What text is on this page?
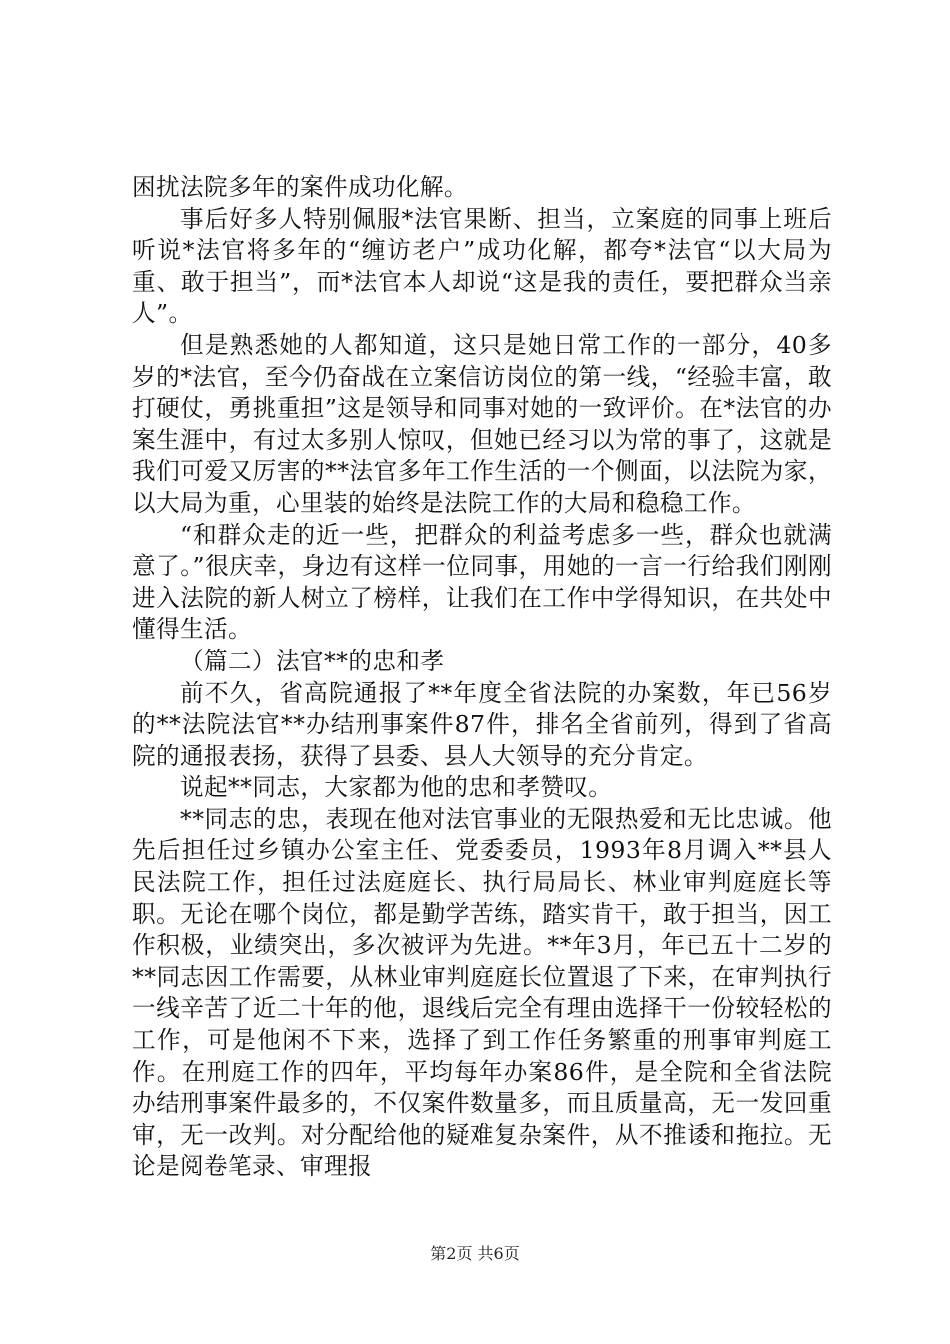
困扰法院多年的案件成功化解。

事后好多人特别佩服*法官果断、担当，立案庭的同事上班后听说*法官将多年的“缠访老户”成功化解，都夸*法官“以大局为重、敢于担当”，而*法官本人却说“这是我的责任，要把群众当亲人”。

但是熟悉她的人都知道，这只是她日常工作的一部分，40多岁的*法官，至今仍奋战在立案信访岗位的第一线，“经验丰富，敢打硬仗，勇挑重担”这是领导和同事对她的一致评价。在*法官的办案生涯中，有过太多别人惊叹，但她已经习以为常的事了，这就是我们可爱又厉害的**法官多年工作生活的一个侧面，以法院为家，以大局为重，心里装的始终是法院工作的大局和稳稳工作。

“和群众走的近一些，把群众的利益考虑多一些，群众也就满意了。”很庆幸，身边有这样一位同事，用她的一言一行给我们刚刚进入法院的新人树立了榜样，让我们在工作中学得知识，在共处中懂得生活。

（篇二）法官**的忠和孝

前不久，省高院通报了**年度全省法院的办案数，年已56岁的**法院法官**办结刑事案件87件，排名全省前列，得到了省高院的通报表扬，获得了县委、县人大领导的充分肯定。

说起**同志，大家都为他的忠和孝赞叹。

**同志的忠，表现在他对法官事业的无限热爱和无比忠诚。他先后担任过乡镇办公室主任、党委委员，1993年8月调入**县人民法院工作，担任过法庭庭长、执行局局长、林业审判庭庭长等职。无论在哪个岗位，都是勤学苦练，踏实肯干，敢于担当，因工作积极，业绩突出，多次被评为先进。**年3月，年已五十二岁的**同志因工作需要，从林业审判庭庭长位置退了下来，在审判执行一线辛苦了近二十年的他，退线后完全有理由选择干一份较轻松的工作，可是他闲不下来，选择了到工作任务繁重的刑事审判庭工作。在刑庭工作的四年，平均每年办案86件，是全院和全省法院办结刑事案件最多的，不仅案件数量多，而且质量高，无一发回重审，无一改判。对分配给他的疑难复杂案件，从不推诿和拖拉。无论是阅卷笔录、审理报

第2页 共6页
